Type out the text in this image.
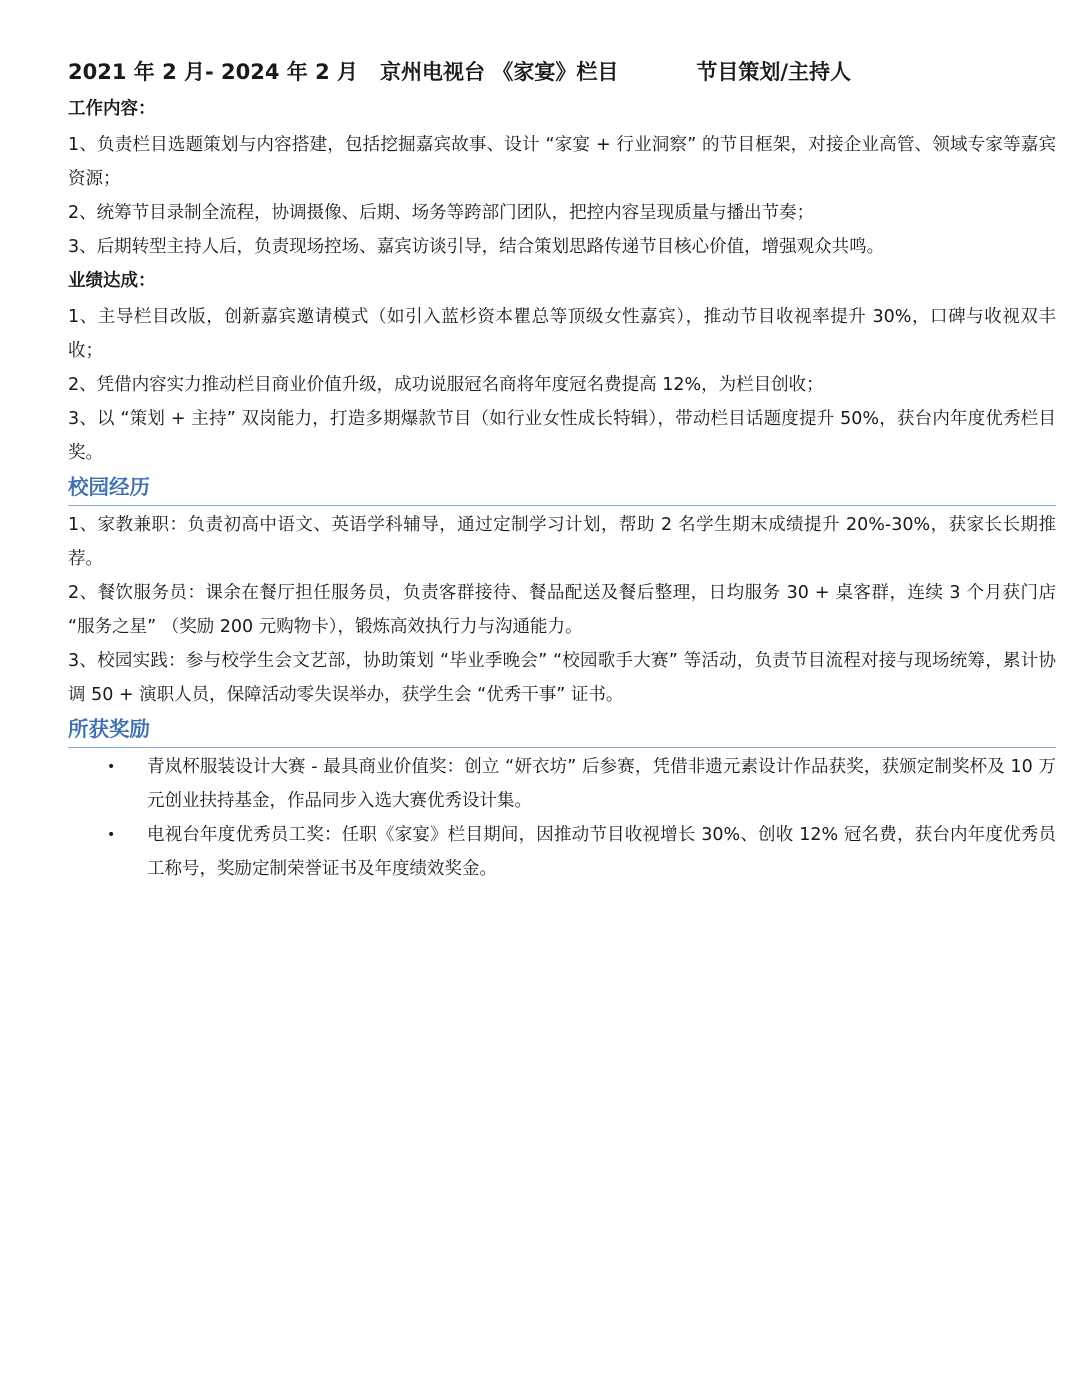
2021 年 2 月- 2024 年 2 月 京州电视台 《家宴》栏目	节目策划/主持人
工作内容：

1、负责栏目选题策划与内容搭建，包括挖掘嘉宾故事、设计 “家宴 + 行业洞察” 的节目框架，对接企业高管、领域专家等嘉宾资源；

2、统筹节目录制全流程，协调摄像、后期、场务等跨部门团队，把控内容呈现质量与播出节奏；

3、后期转型主持人后，负责现场控场、嘉宾访谈引导，结合策划思路传递节目核心价值，增强观众共鸣。

业绩达成：

1、主导栏目改版，创新嘉宾邀请模式（如引入蓝杉资本瞿总等顶级女性嘉宾），推动节目收视率提升 30%，口碑与收视双丰收；

2、凭借内容实力推动栏目商业价值升级，成功说服冠名商将年度冠名费提高 12%，为栏目创收；

3、以 “策划 + 主持” 双岗能力，打造多期爆款节目（如行业女性成长特辑），带动栏目话题度提升 50%，获台内年度优秀栏目奖。

校园经历

1、家教兼职：负责初高中语文、英语学科辅导，通过定制学习计划，帮助 2 名学生期末成绩提升 20%-30%，获家长长期推荐。

2、餐饮服务员：课余在餐厅担任服务员，负责客群接待、餐品配送及餐后整理，日均服务 30 + 桌客群，连续 3 个月获门店 “服务之星” （奖励 200 元购物卡），锻炼高效执行力与沟通能力。

3、校园实践：参与校学生会文艺部，协助策划 “毕业季晚会” “校园歌手大赛” 等活动，负责节目流程对接与现场统筹，累计协调 50 + 演职人员，保障活动零失误举办，获学生会 “优秀干事” 证书。

所获奖励
• 青岚杯服装设计大赛 - 最具商业价值奖：创立 “妍衣坊” 后参赛，凭借非遗元素设计作品获奖，获颁定制奖杯及 10 万元创业扶持基金，作品同步入选大赛优秀设计集。
• 电视台年度优秀员工奖：任职《家宴》栏目期间，因推动节目收视增长 30%、创收 12% 冠名费，获台内年度优秀员工称号，奖励定制荣誉证书及年度绩效奖金。
